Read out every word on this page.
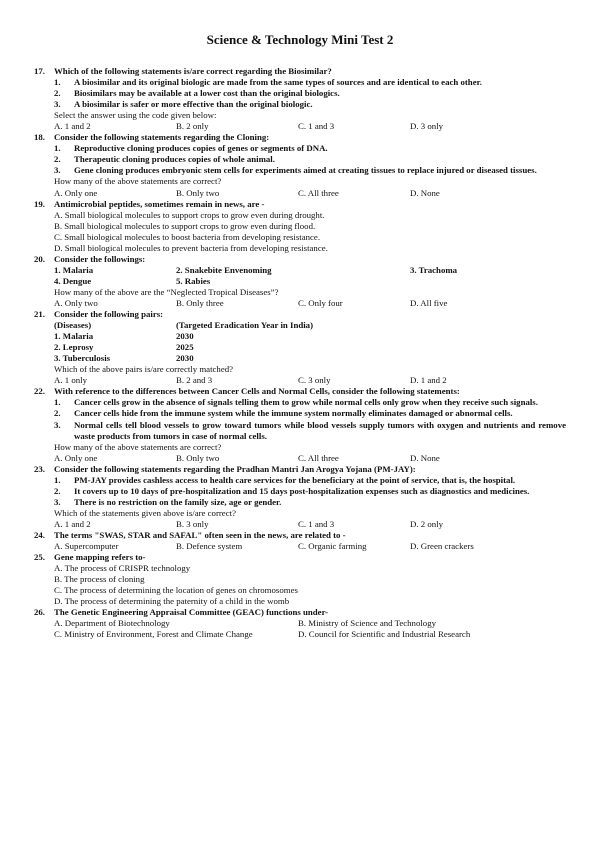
Science & Technology Mini Test 2
17.	Which of the following statements is/are correct regarding the Biosimilar?
1.	A biosimilar and its original biologic are made from the same types of sources and are identical to each other.
2.	Biosimilars may be available at a lower cost than the original biologics.
3.	A biosimilar is safer or more effective than the original biologic.
Select the answer using the code given below:
A. 1 and 2	B. 2 only	C. 1 and 3	D. 3 only
18.	Consider the following statements regarding the Cloning:
1.	Reproductive cloning produces copies of genes or segments of DNA.
2.	Therapeutic cloning produces copies of whole animal.
3.	Gene cloning produces embryonic stem cells for experiments aimed at creating tissues to replace injured or diseased tissues.
How many of the above statements are correct?
A. Only one	B. Only two	C. All three	D. None
19.	Antimicrobial peptides, sometimes remain in news, are -
A. Small biological molecules to support crops to grow even during drought.
B. Small biological molecules to support crops to grow even during flood.
C. Small biological molecules to boost bacteria from developing resistance.
D. Small biological molecules to prevent bacteria from developing resistance.
20.	Consider the followings:
1. Malaria	2. Snakebite Envenoming	3. Trachoma
4. Dengue	5. Rabies
How many of the above are the “Neglected Tropical Diseases”?
A. Only two	B. Only three	C. Only four	D. All five
21.	Consider the following pairs:
(Diseases)	(Targeted Eradication Year in India)
1. Malaria	2030
2. Leprosy	2025
3. Tuberculosis	2030
Which of the above pairs is/are correctly matched?
A. 1 only	B. 2 and 3	C. 3 only	D. 1 and 2
22.	With reference to the differences between Cancer Cells and Normal Cells, consider the following statements:
1.	Cancer cells grow in the absence of signals telling them to grow while normal cells only grow when they receive such signals.
2.	Cancer cells hide from the immune system while the immune system normally eliminates damaged or abnormal cells.
3.	Normal cells tell blood vessels to grow toward tumors while blood vessels supply tumors with oxygen and nutrients and remove waste products from tumors in case of normal cells.
How many of the above statements are correct?
A. Only one	B. Only two	C. All three	D. None
23.	Consider the following statements regarding the Pradhan Mantri Jan Arogya Yojana (PM-JAY):
1.	PM-JAY provides cashless access to health care services for the beneficiary at the point of service, that is, the hospital.
2.	It covers up to 10 days of pre-hospitalization and 15 days post-hospitalization expenses such as diagnostics and medicines.
3.	There is no restriction on the family size, age or gender.
Which of the statements given above is/are correct?
A. 1 and 2	B. 3 only	C. 1 and 3	D. 2 only
24.	The terms "SWAS, STAR and SAFAL" often seen in the news, are related to -
A. Supercomputer	B. Defence system	C. Organic farming	D. Green crackers
25.	Gene mapping refers to-
A. The process of CRISPR technology
B. The process of cloning
C. The process of determining the location of genes on chromosomes
D. The process of determining the paternity of a child in the womb
26.	The Genetic Engineering Appraisal Committee (GEAC) functions under-
A. Department of Biotechnology	B. Ministry of Science and Technology
C. Ministry of Environment, Forest and Climate Change	D. Council for Scientific and Industrial Research
